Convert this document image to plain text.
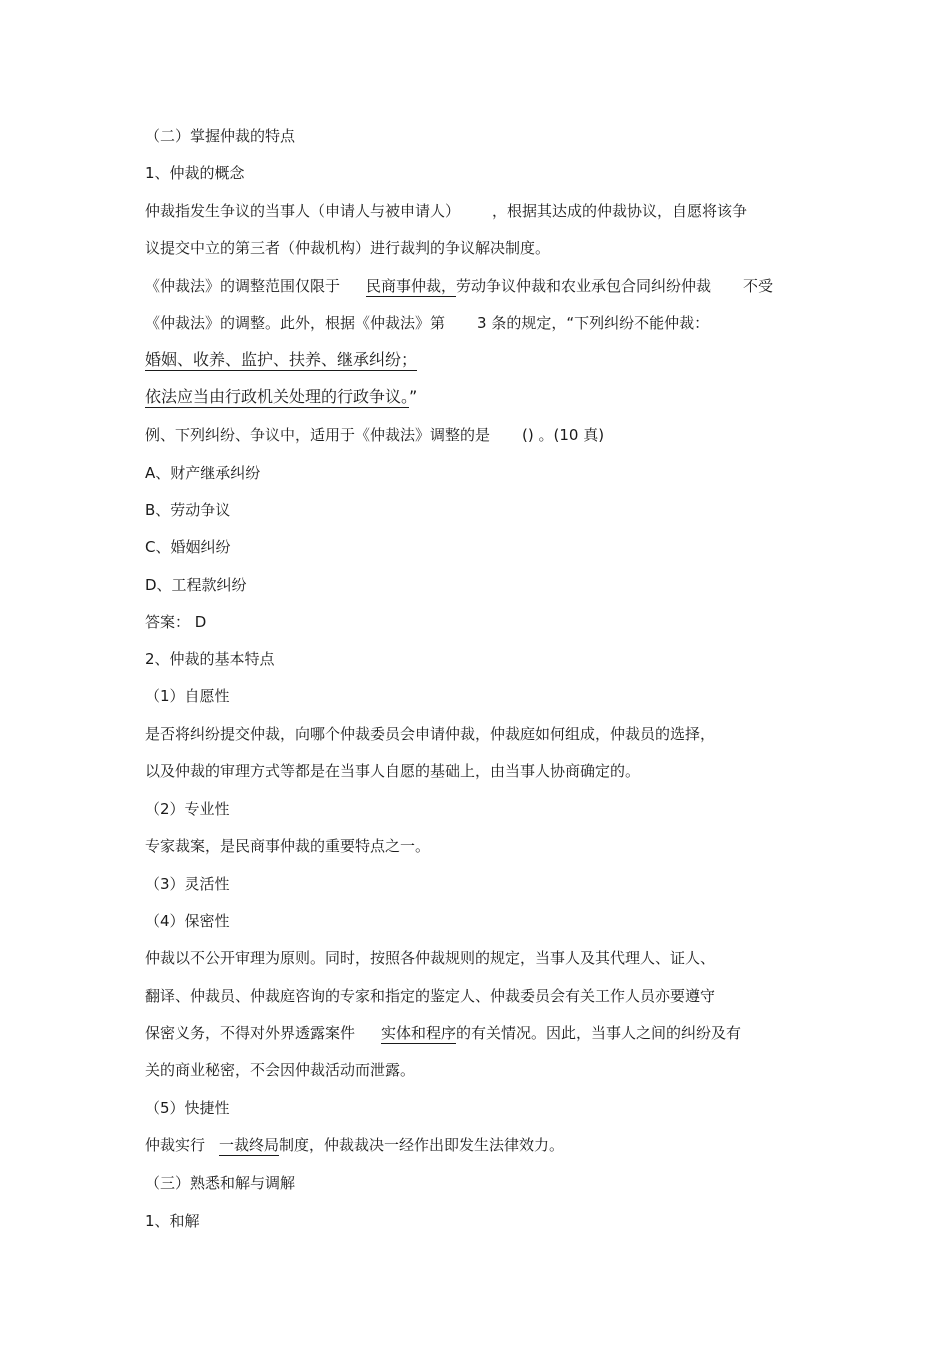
（二）掌握仲裁的特点
1、仲裁的概念
仲裁指发生争议的当事人（申请人与被申请人） ，根据其达成的仲裁协议，自愿将该争
议提交中立的第三者（仲裁机构）进行裁判的争议解决制度。
《仲裁法》的调整范围仅限于 民商事仲裁，劳动争议仲裁和农业承包合同纠纷仲裁 不受
《仲裁法》的调整。此外，根据《仲裁法》第 3 条的规定，“下列纠纷不能仲裁：
婚姻、收养、监护、扶养、继承纠纷；
依法应当由行政机关处理的行政争议。”
例、下列纠纷、争议中，适用于《仲裁法》调整的是 () 。(10 真)
A、财产继承纠纷
B、劳动争议
C、婚姻纠纷
D、工程款纠纷
答案： D
2、仲裁的基本特点
（1）自愿性
是否将纠纷提交仲裁，向哪个仲裁委员会申请仲裁，仲裁庭如何组成，仲裁员的选择，
以及仲裁的审理方式等都是在当事人自愿的基础上，由当事人协商确定的。
（2）专业性
专家裁案，是民商事仲裁的重要特点之一。
（3）灵活性
（4）保密性
仲裁以不公开审理为原则。同时，按照各仲裁规则的规定，当事人及其代理人、证人、
翻译、仲裁员、仲裁庭咨询的专家和指定的鉴定人、仲裁委员会有关工作人员亦要遵守
保密义务，不得对外界透露案件 实体和程序的有关情况。因此，当事人之间的纠纷及有
关的商业秘密，不会因仲裁活动而泄露。
（5）快捷性
仲裁实行 一裁终局制度，仲裁裁决一经作出即发生法律效力。
（三）熟悉和解与调解
1、和解
